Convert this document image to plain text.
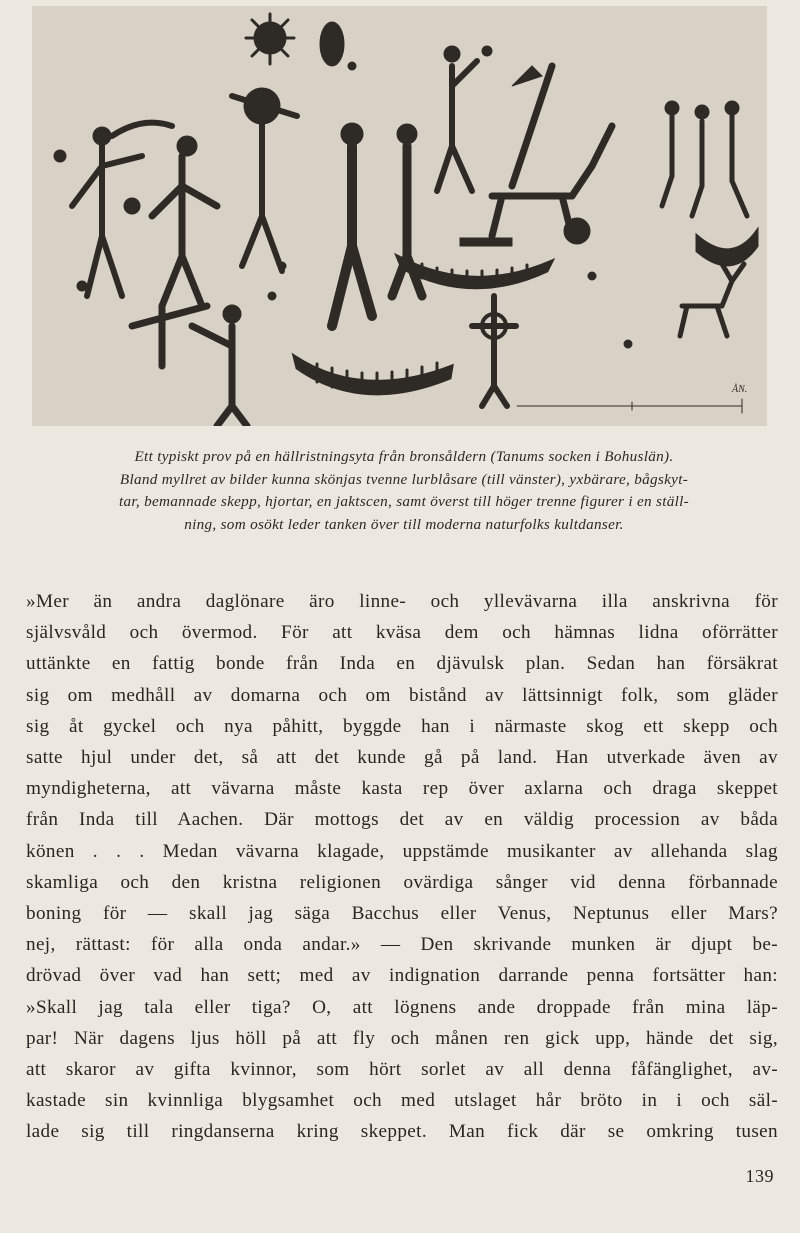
ÅN.
Ett typiskt prov på en hällristningsyta från bronsåldern (Tanums socken i Bohuslän).
Bland myllret av bilder kunna skönjas tvenne lurblåsare (till vänster), yxbärare, bågskyt-
tar, bemannade skepp, hjortar, en jaktscen, samt överst till höger trenne figurer i en ställ-
ning, som osökt leder tanken över till moderna naturfolks kultdanser.
»Mer än andra daglönare äro linne- och yllevävarna illa anskrivna för
självsvåld och övermod. För att kväsa dem och hämnas lidna oförrätter
uttänkte en fattig bonde från Inda en djävulsk plan. Sedan han försäkrat
sig om medhåll av domarna och om bistånd av lättsinnigt folk, som gläder
sig åt gyckel och nya påhitt, byggde han i närmaste skog ett skepp och
satte hjul under det, så att det kunde gå på land. Han utverkade även av
myndigheterna, att vävarna måste kasta rep över axlarna och draga skeppet
från Inda till Aachen. Där mottogs det av en väldig procession av båda
könen . . . Medan vävarna klagade, uppstämde musikanter av allehanda slag
skamliga och den kristna religionen ovärdiga sånger vid denna förbannade
boning för — skall jag säga Bacchus eller Venus, Neptunus eller Mars?
nej, rättast: för alla onda andar.» — Den skrivande munken är djupt be-
drövad över vad han sett; med av indignation darrande penna fortsätter han:
»Skall jag tala eller tiga? O, att lögnens ande droppade från mina läp-
par! När dagens ljus höll på att fly och månen ren gick upp, hände det sig,
att skaror av gifta kvinnor, som hört sorlet av all denna fåfänglighet, av-
kastade sin kvinnliga blygsamhet och med utslaget hår bröto in i och säl-
lade sig till ringdanserna kring skeppet. Man fick där se omkring tusen
139
